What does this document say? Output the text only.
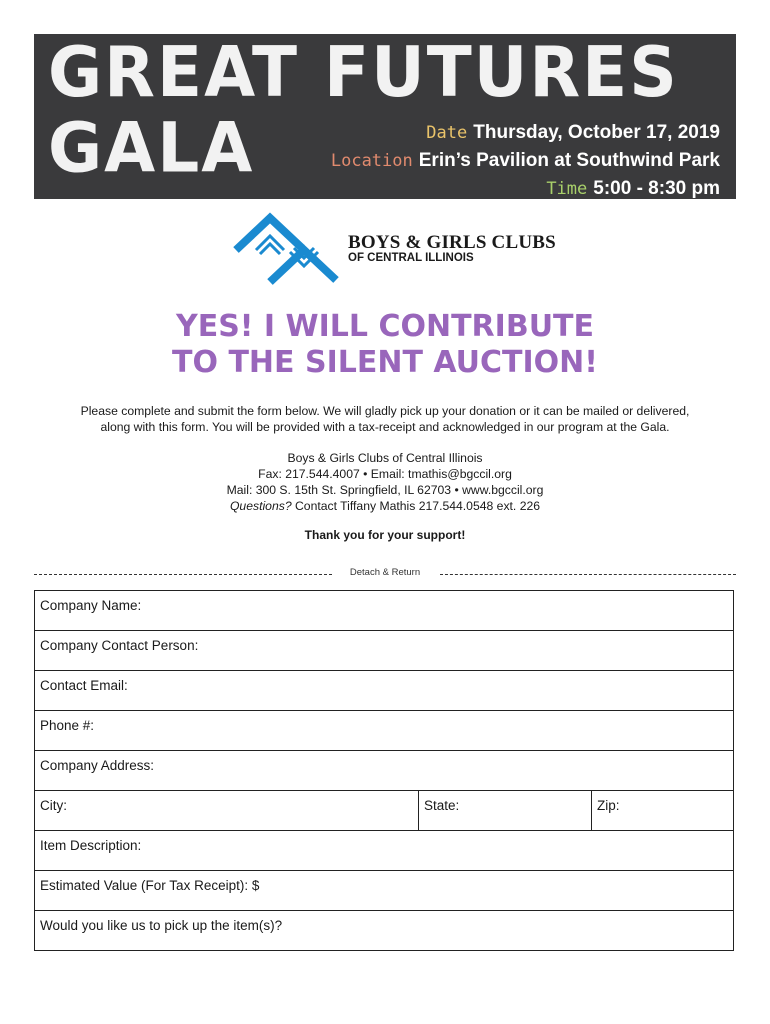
GREAT FUTURES
GALA	Date Thursday, October 17, 2019
Location Erin’s Pavilion at Southwind Park
Time 5:00 - 8:30 pm
BOYS & GIRLS CLUBS
OF CENTRAL ILLINOIS
YES! I WILL CONTRIBUTE
TO THE SILENT AUCTION!
Please complete and submit the form below. We will gladly pick up your donation or it can be mailed or delivered,
along with this form. You will be provided with a tax-receipt and acknowledged in our program at the Gala.
Boys & Girls Clubs of Central Illinois
Fax: 217.544.4007 • Email: tmathis@bgccil.org
Mail: 300 S. 15th St. Springfield, IL 62703 • www.bgccil.org
Questions? Contact Tiffany Mathis 217.544.0548 ext. 226
Thank you for your support!
Detach & Return
Company Name:
Company Contact Person:
Contact Email:
Phone #:
Company Address:
City:	State:	Zip:
Item Description:
Estimated Value (For Tax Receipt): $
Would you like us to pick up the item(s)?
